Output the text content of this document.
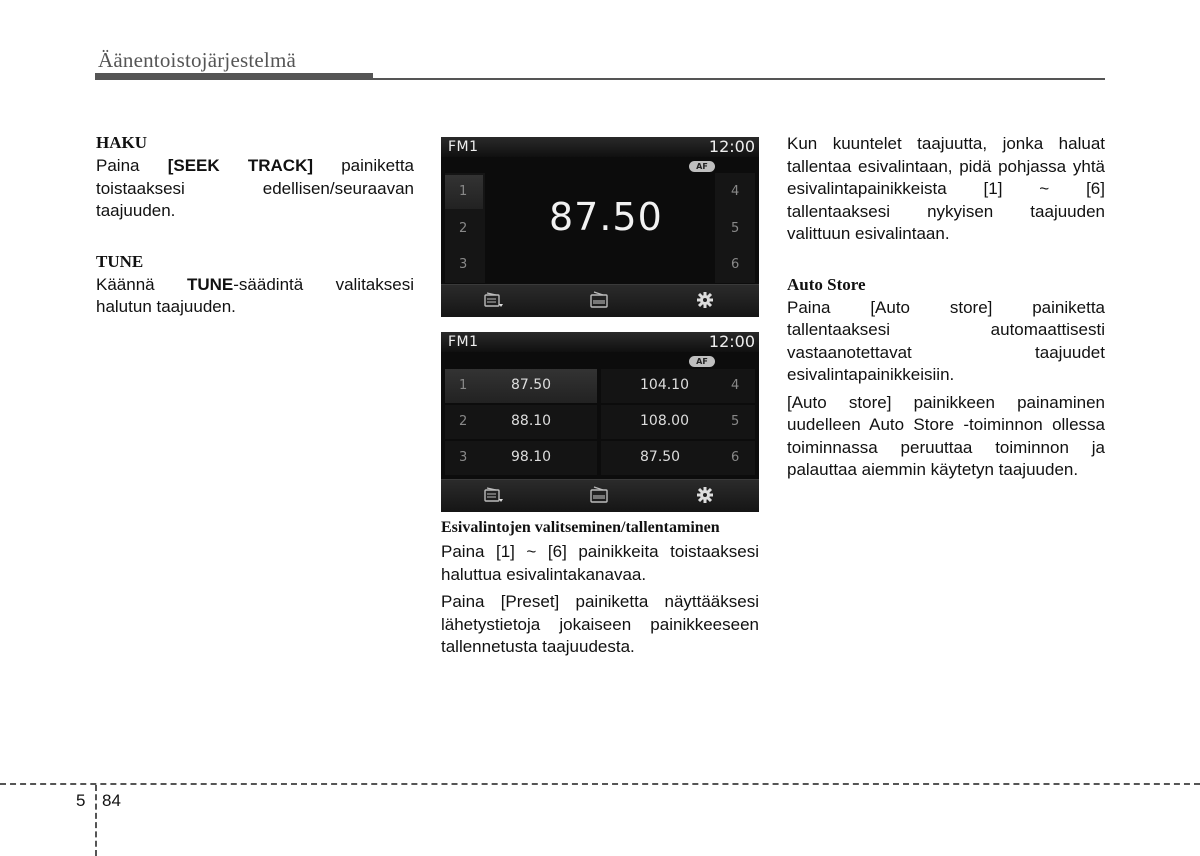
Äänentoistojärjestelmä
HAKU
Paina [SEEK TRACK] painiketta toistaaksesi edellisen/seuraavan taajuuden.
TUNE
Käännä TUNE-säädintä valitaksesi halutun taajuuden.
FM1	12:00
AF
1
2
3
4
5
6
87.50
FM1	12:00
AF
1	87.50	104.10	4
2	88.10	108.00	5
3	98.10	87.50	6
Esivalintojen valitseminen/tallentaminen
Paina [1] ~ [6] painikkeita toistaaksesi haluttua esivalintakanavaa.
Paina [Preset] painiketta näyttääksesi lähetystietoja jokaiseen painikkeeseen tallennetusta taajuudesta.
Kun kuuntelet taajuutta, jonka haluat tallentaa esivalintaan, pidä pohjassa yhtä esivalintapainikkeista [1] ~ [6] tallentaaksesi nykyisen taajuuden valittuun esivalintaan.
Auto Store
Paina [Auto store] painiketta tallentaaksesi automaattisesti vastaanotettavat taajuudet esivalintapainikkeisiin.
[Auto store] painikkeen painaminen uudelleen Auto Store -toiminnon ollessa toiminnassa peruuttaa toiminnon ja palauttaa aiemmin käytetyn taajuuden.
5 84
